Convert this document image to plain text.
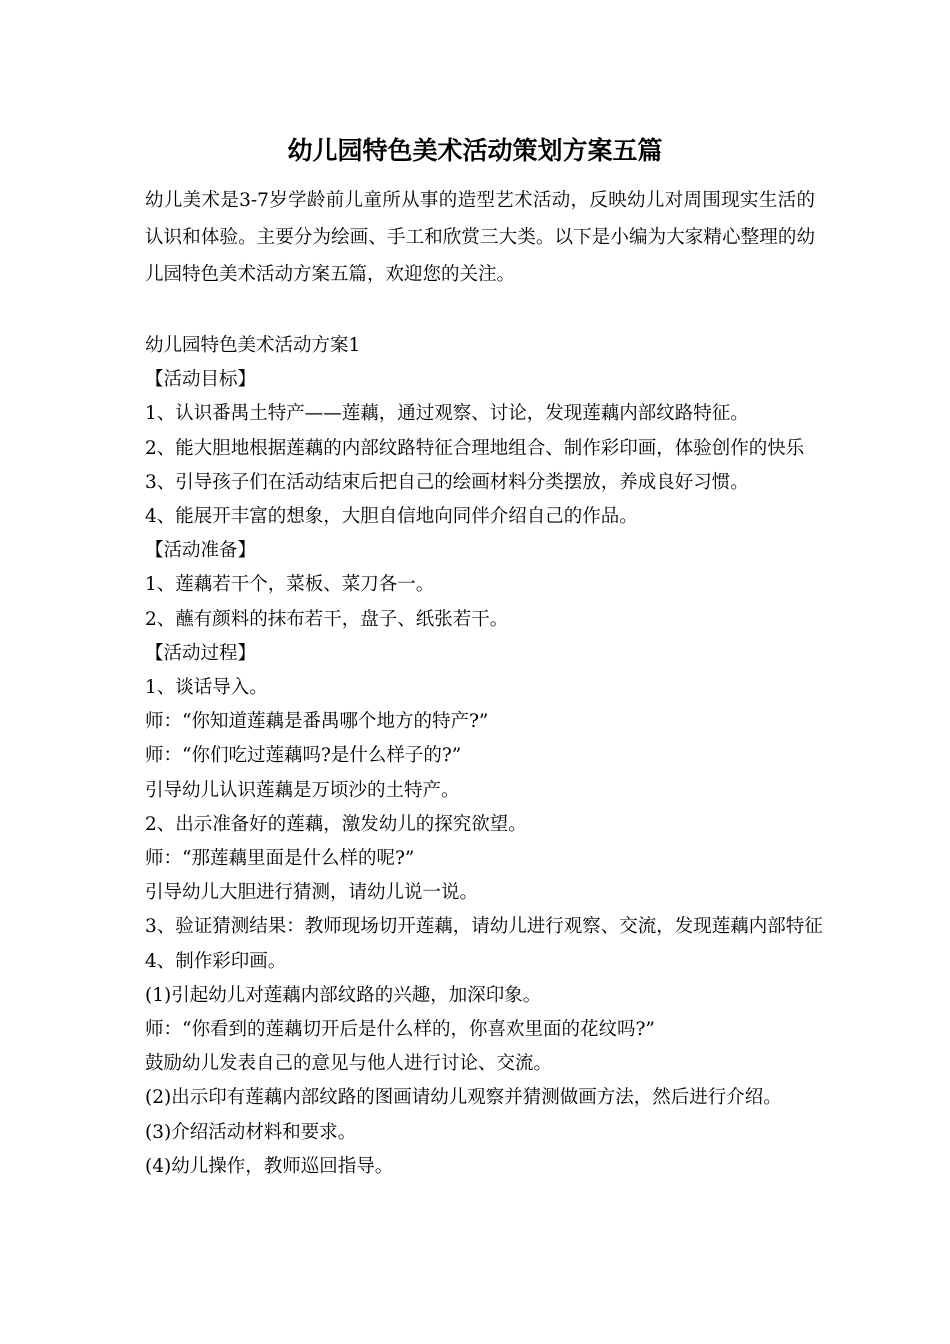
幼儿园特色美术活动策划方案五篇

幼儿美术是3-7岁学龄前儿童所从事的造型艺术活动，反映幼儿对周围现实生活的认识和体验。主要分为绘画、手工和欣赏三大类。以下是小编为大家精心整理的幼儿园特色美术活动方案五篇，欢迎您的关注。

幼儿园特色美术活动方案1

【活动目标】

1、认识番禺土特产——莲藕，通过观察、讨论，发现莲藕内部纹路特征。

2、能大胆地根据莲藕的内部纹路特征合理地组合、制作彩印画，体验创作的快乐

3、引导孩子们在活动结束后把自己的绘画材料分类摆放，养成良好习惯。

4、能展开丰富的想象，大胆自信地向同伴介绍自己的作品。

【活动准备】

1、莲藕若干个，菜板、菜刀各一。

2、蘸有颜料的抹布若干，盘子、纸张若干。

【活动过程】

1、谈话导入。

师：“你知道莲藕是番禺哪个地方的特产?”

师：“你们吃过莲藕吗?是什么样子的?”

引导幼儿认识莲藕是万顷沙的土特产。

2、出示准备好的莲藕，激发幼儿的探究欲望。

师：“那莲藕里面是什么样的呢?”

引导幼儿大胆进行猜测，请幼儿说一说。

3、验证猜测结果：教师现场切开莲藕，请幼儿进行观察、交流，发现莲藕内部特征

4、制作彩印画。

(1)引起幼儿对莲藕内部纹路的兴趣，加深印象。

师：“你看到的莲藕切开后是什么样的，你喜欢里面的花纹吗?”

鼓励幼儿发表自己的意见与他人进行讨论、交流。

(2)出示印有莲藕内部纹路的图画请幼儿观察并猜测做画方法，然后进行介绍。

(3)介绍活动材料和要求。

(4)幼儿操作，教师巡回指导。
